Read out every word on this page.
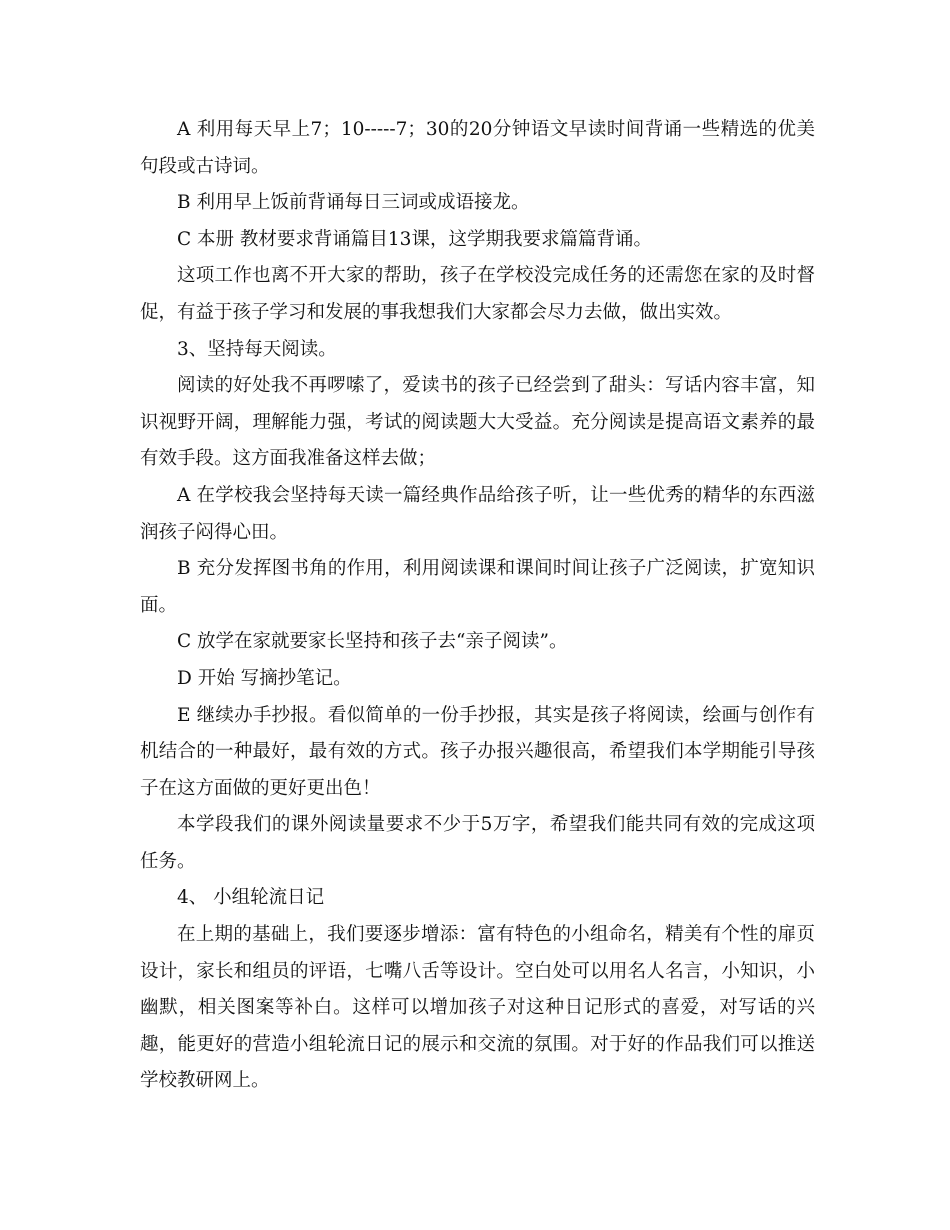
A 利用每天早上7；10-----7；30的20分钟语文早读时间背诵一些精选的优美句段或古诗词。

B 利用早上饭前背诵每日三词或成语接龙。

C 本册 教材要求背诵篇目13课，这学期我要求篇篇背诵。

这项工作也离不开大家的帮助，孩子在学校没完成任务的还需您在家的及时督促，有益于孩子学习和发展的事我想我们大家都会尽力去做，做出实效。

3、坚持每天阅读。

阅读的好处我不再啰嗦了，爱读书的孩子已经尝到了甜头：写话内容丰富，知识视野开阔，理解能力强，考试的阅读题大大受益。充分阅读是提高语文素养的最有效手段。这方面我准备这样去做；

A 在学校我会坚持每天读一篇经典作品给孩子听，让一些优秀的精华的东西滋润孩子闷得心田。

B 充分发挥图书角的作用，利用阅读课和课间时间让孩子广泛阅读，扩宽知识面。

C 放学在家就要家长坚持和孩子去“亲子阅读”。

D 开始 写摘抄笔记。

E 继续办手抄报。看似简单的一份手抄报，其实是孩子将阅读，绘画与创作有机结合的一种最好，最有效的方式。孩子办报兴趣很高，希望我们本学期能引导孩子在这方面做的更好更出色！

本学段我们的课外阅读量要求不少于5万字，希望我们能共同有效的完成这项任务。

4、 小组轮流日记

在上期的基础上，我们要逐步增添：富有特色的小组命名，精美有个性的扉页设计，家长和组员的评语，七嘴八舌等设计。空白处可以用名人名言，小知识，小幽默，相关图案等补白。这样可以增加孩子对这种日记形式的喜爱，对写话的兴趣，能更好的营造小组轮流日记的展示和交流的氛围。对于好的作品我们可以推送学校教研网上。
